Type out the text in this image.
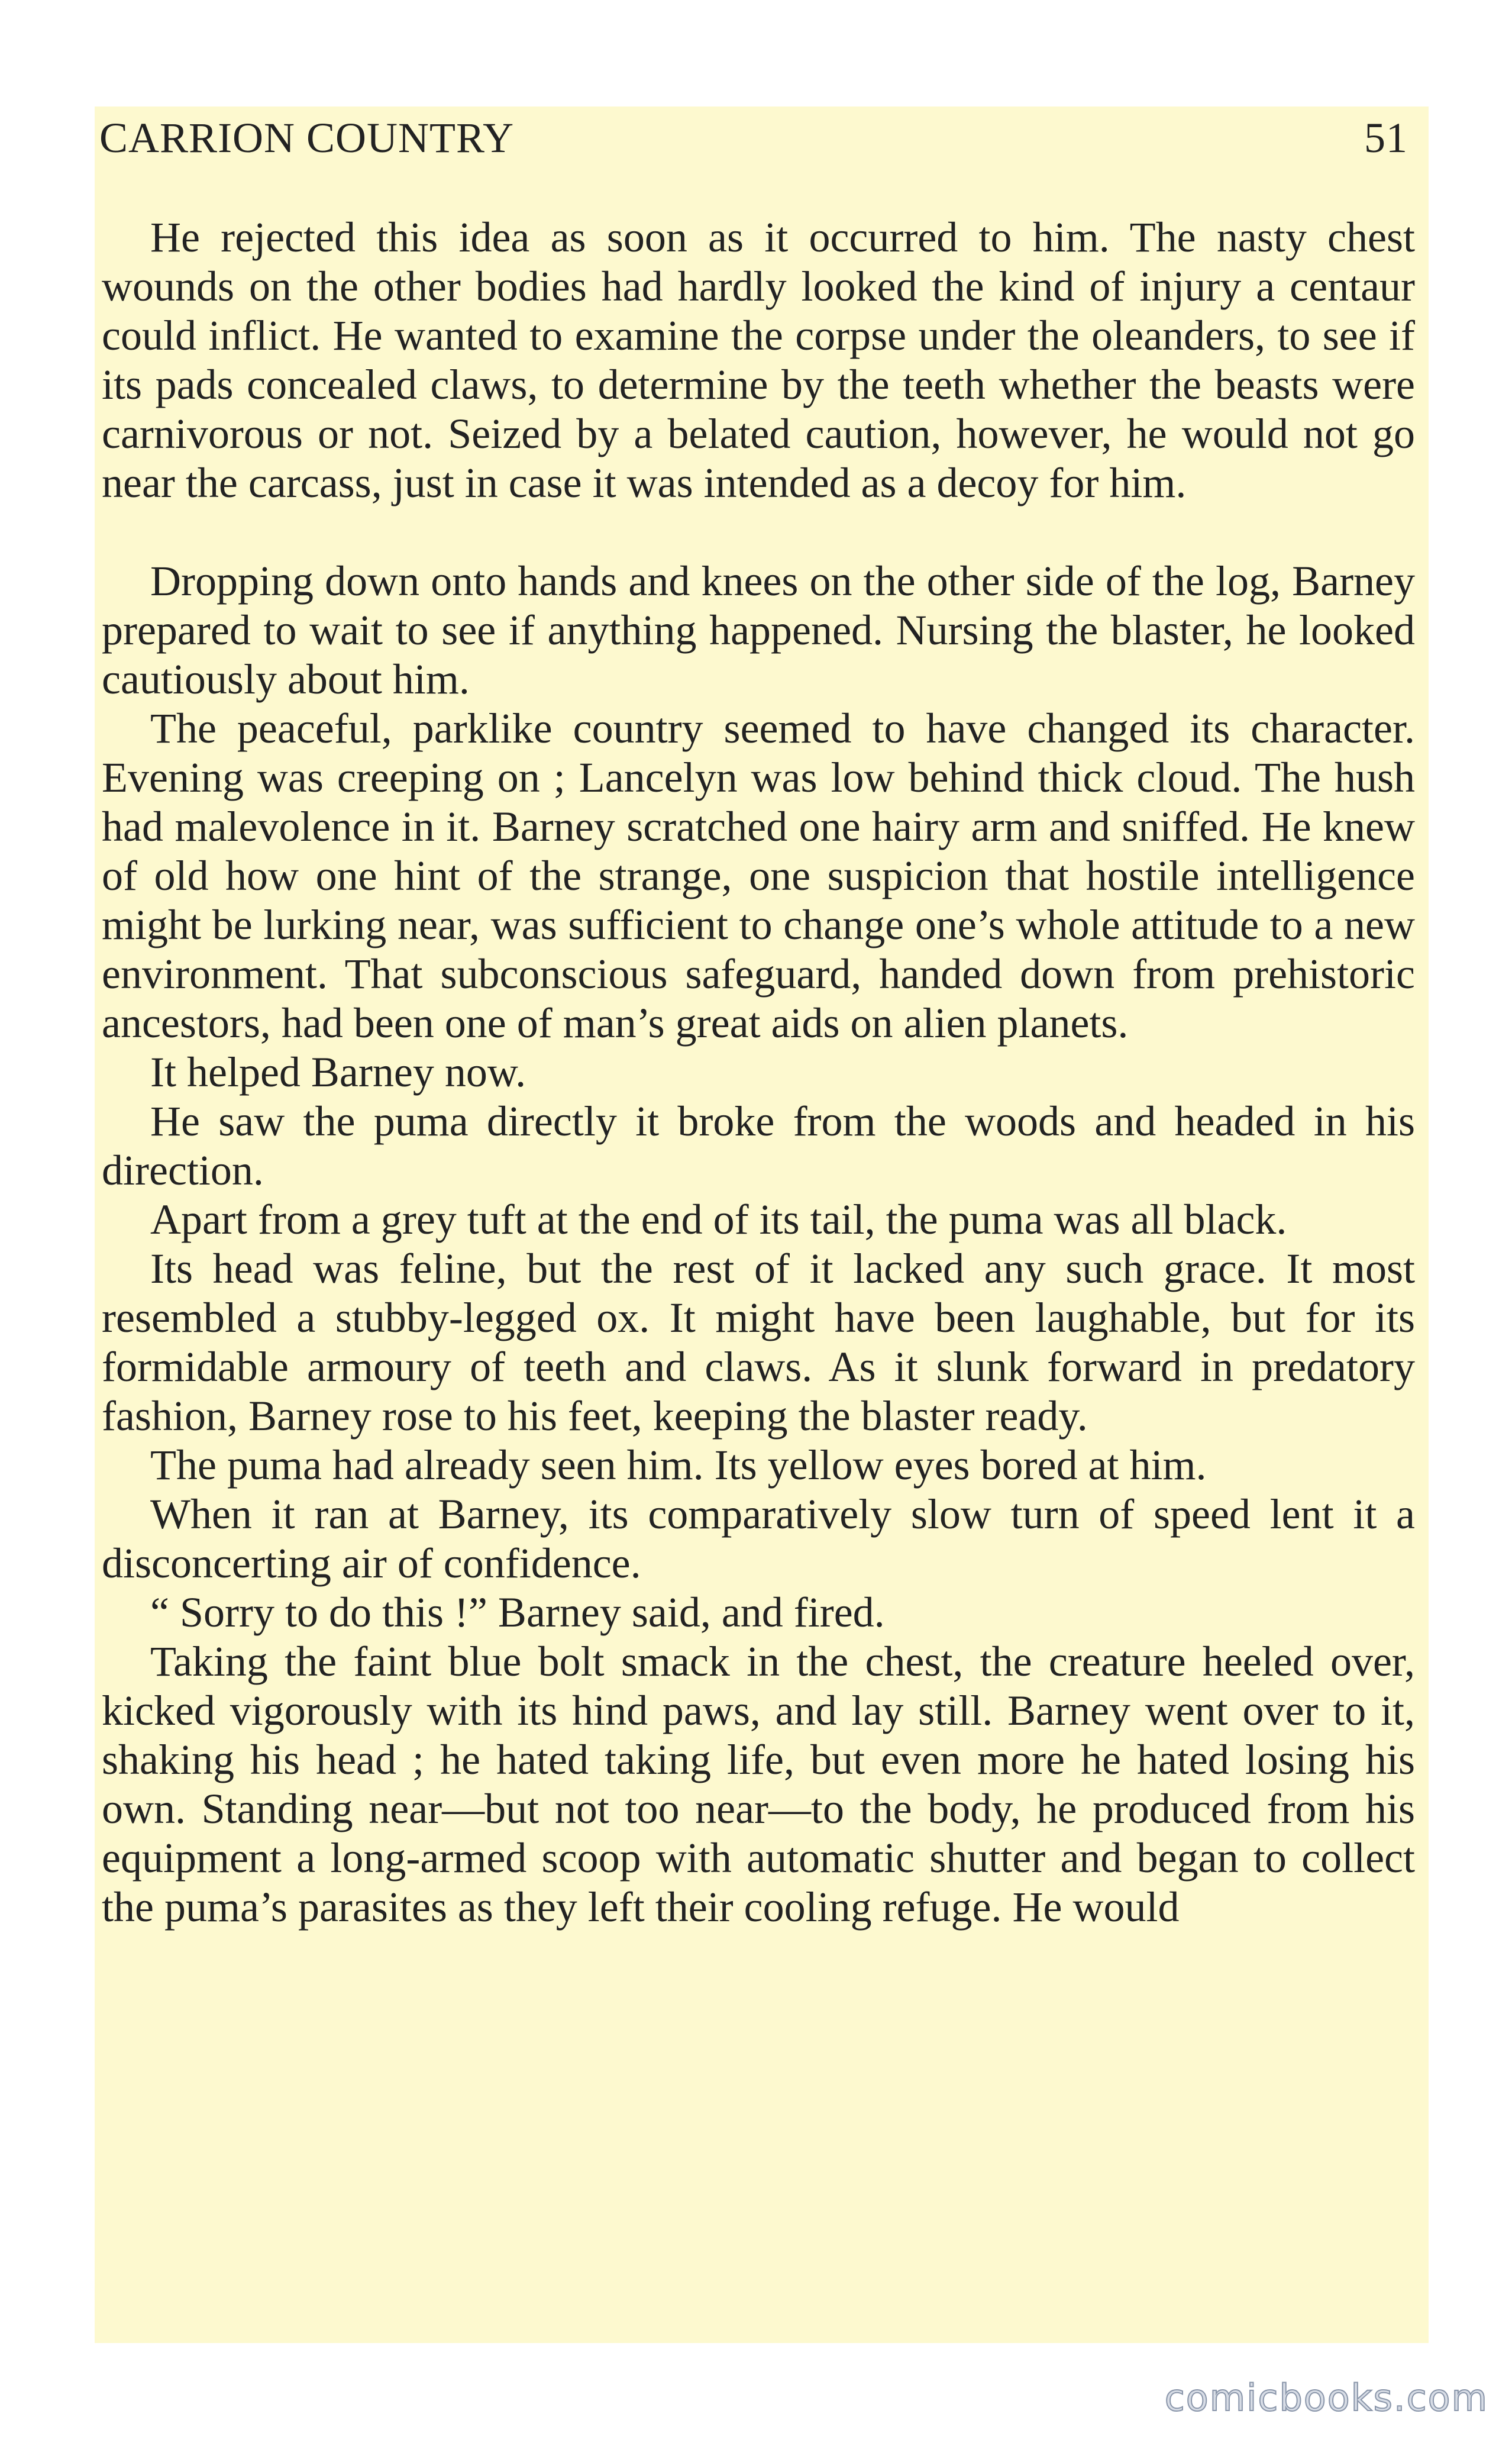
CARRION COUNTRY	51

He rejected this idea as soon as it occurred to him. The nasty chest wounds on the other bodies had hardly looked the kind of injury a centaur could inflict. He wanted to examine the corpse under the oleanders, to see if its pads concealed claws, to determine by the teeth whether the beasts were carnivorous or not. Seized by a belated caution, however, he would not go near the carcass, just in case it was intended as a decoy for him.

Dropping down onto hands and knees on the other side of the log, Barney prepared to wait to see if anything happened. Nursing the blaster, he looked cautiously about him.

The peaceful, parklike country seemed to have changed its character. Evening was creeping on ; Lancelyn was low behind thick cloud. The hush had malevolence in it. Barney scratched one hairy arm and sniffed. He knew of old how one hint of the strange, one suspicion that hostile intelligence might be lurking near, was sufficient to change one’s whole attitude to a new environment. That subconscious safeguard, handed down from prehistoric ancestors, had been one of man’s great aids on alien planets.

It helped Barney now.

He saw the puma directly it broke from the woods and headed in his direction.

Apart from a grey tuft at the end of its tail, the puma was all black.

Its head was feline, but the rest of it lacked any such grace. It most resembled a stubby-legged ox. It might have been laughable, but for its formidable armoury of teeth and claws. As it slunk forward in predatory fashion, Barney rose to his feet, keeping the blaster ready.

The puma had already seen him. Its yellow eyes bored at him.

When it ran at Barney, its comparatively slow turn of speed lent it a disconcerting air of confidence.

“ Sorry to do this !” Barney said, and fired.

Taking the faint blue bolt smack in the chest, the creature heeled over, kicked vigorously with its hind paws, and lay still. Barney went over to it, shaking his head ; he hated taking life, but even more he hated losing his own. Standing near—but not too near—to the body, he produced from his equipment a long-armed scoop with automatic shutter and began to collect the puma’s parasites as they left their cooling refuge. He would

comicbooks.com
